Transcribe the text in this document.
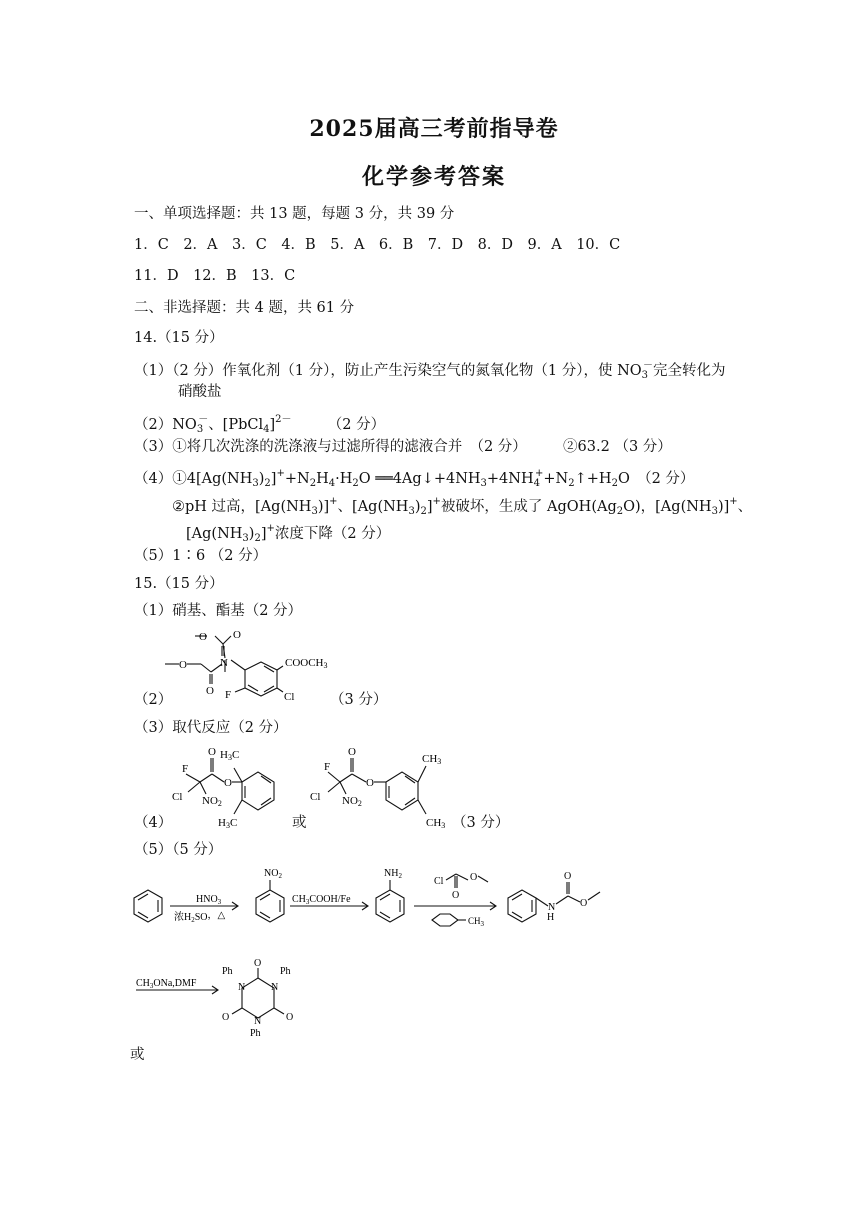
2025届高三考前指导卷
化学参考答案
一、单项选择题：共 13 题，每题 3 分，共 39 分
1．C　2．A　3．C　4．B　5．A　6．B　7．D　8．D　9．A　10．C
11．D　12．B　13．C
二、非选择题：共 4 题，共 61 分
14.（15 分）
（1）（2 分）作氧化剂（1 分），防止产生污染空气的氮氧化物（1 分），使 $NO_3^-$完全转化为
硝酸盐
$(2)NO_3^-$、[PbCl$_4$]$^{2-}$　　　（2 分）
（3）①将几次洗涤的洗涤液与过滤所得的滤液合并　（2 分）　　　②63.2 （3 分）
$(4)①4[Ag(NH_3)_2]^++N_2H_4\cdot H_2O$ $══4Ag↓+4NH_3+4NH_4^++N_2↑+H_2O$　（2 分）
②pH 过高，$[Ag(NH_3)]^+$、$[Ag(NH_3)_2]^+$被破坏，生成了 $AgOH(Ag_2O)$，$[Ag(NH_3)]^+$、
$[Ag(NH_3)_2]^+$浓度下降（2 分）
（5）1∶6 （2 分）
15.（15 分）
（1）硝基、酯基（2 分）
O O
N
O
O
COOCH3
Cl
F
（2）	（3 分）
（3）取代反应（2 分）
O
O
F
Cl NO2
H3C
H3C
O
O
F
Cl NO2
CH3
CH3
（4）	或	（3 分）
（5）（5 分）
$HNO_3$
浓$H_2SO$，△
$NO_2$
$CH_3COOH/Fe$
$NH_2$	Cl	O
O
$CH_3$
N
H
O
O
$CH_3ONa,DMF$
O
O
O
N	N
N
Ph	Ph
Ph
或
